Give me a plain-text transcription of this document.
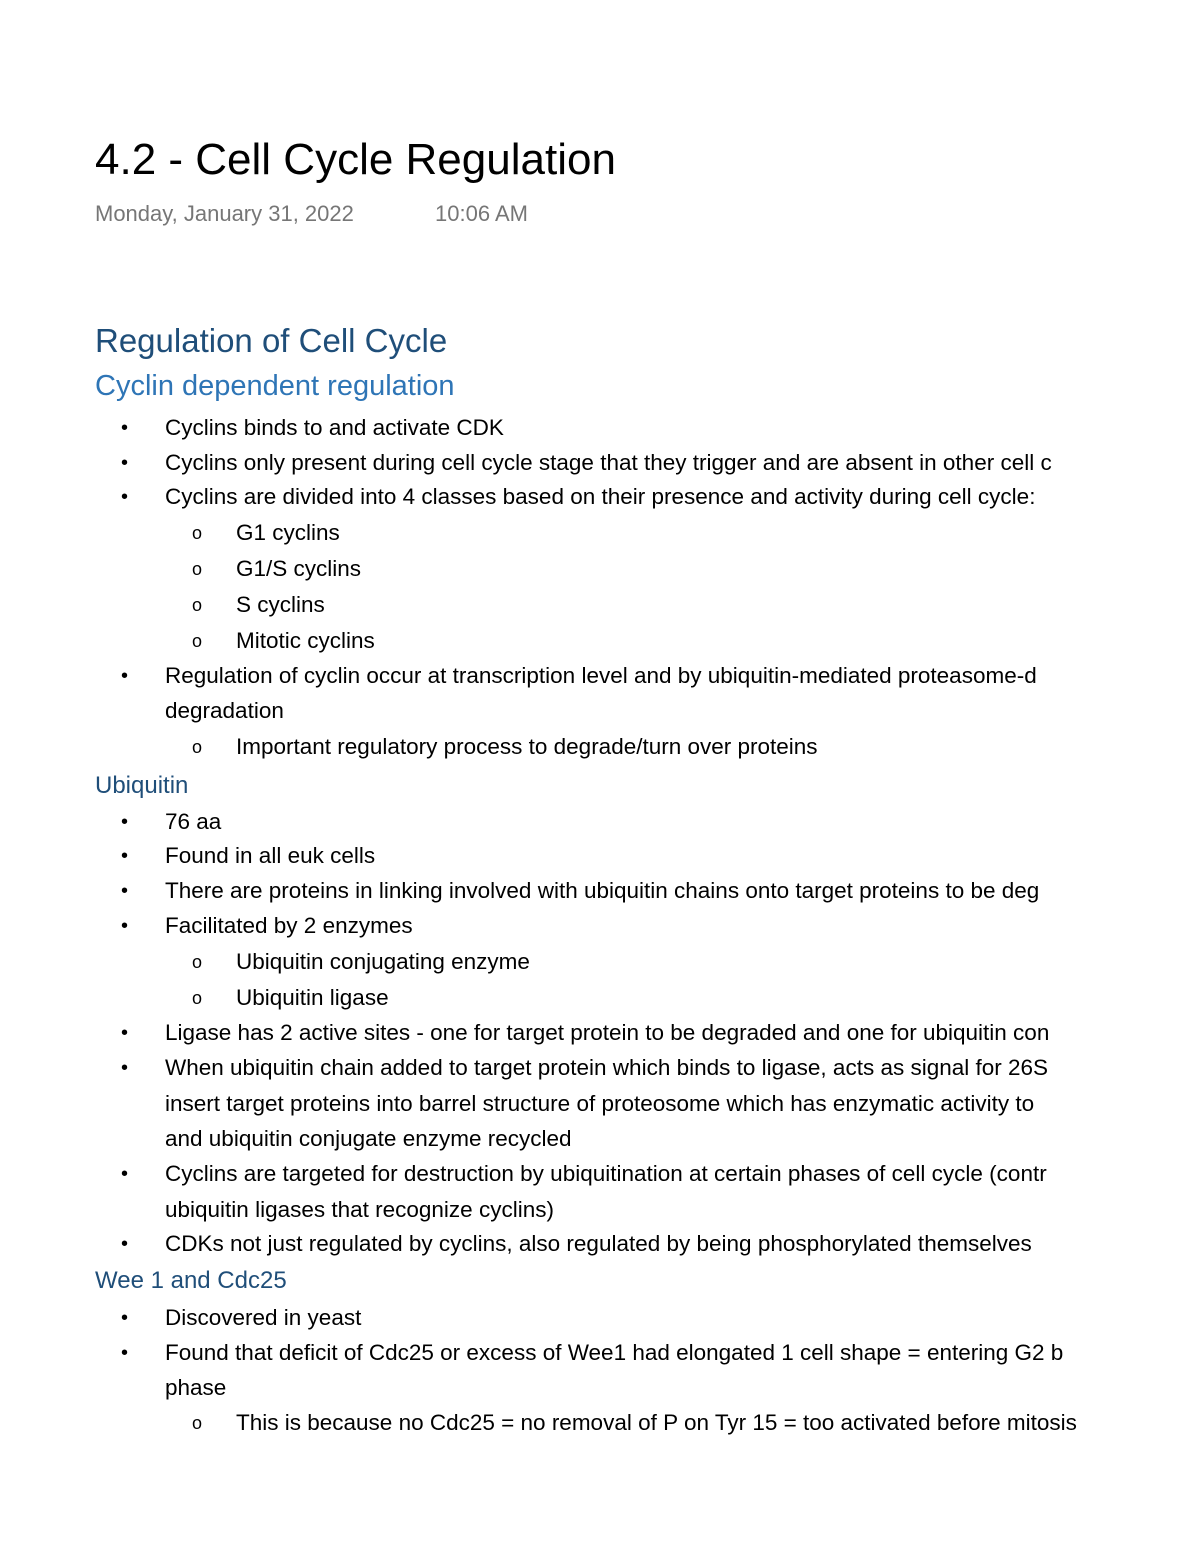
4.2 - Cell Cycle Regulation
Monday, January 31, 2022	10:06 AM
Regulation of Cell Cycle
Cyclin dependent regulation
• Cyclins binds to and activate CDK
• Cyclins only present during cell cycle stage that they trigger and are absent in other cell c
• Cyclins are divided into 4 classes based on their presence and activity during cell cycle:
o G1 cyclins
o G1/S cyclins
o S cyclins
o Mitotic cyclins
• Regulation of cyclin occur at transcription level and by ubiquitin-mediated proteasome-d
degradation
o Important regulatory process to degrade/turn over proteins
Ubiquitin
• 76 aa
• Found in all euk cells
• There are proteins in linking involved with ubiquitin chains onto target proteins to be deg
• Facilitated by 2 enzymes
o Ubiquitin conjugating enzyme
o Ubiquitin ligase
• Ligase has 2 active sites - one for target protein to be degraded and one for ubiquitin con
• When ubiquitin chain added to target protein which binds to ligase, acts as signal for 26S
insert target proteins into barrel structure of proteosome which has enzymatic activity to
and ubiquitin conjugate enzyme recycled
• Cyclins are targeted for destruction by ubiquitination at certain phases of cell cycle (contr
ubiquitin ligases that recognize cyclins)
• CDKs not just regulated by cyclins, also regulated by being phosphorylated themselves
Wee 1 and Cdc25
• Discovered in yeast
• Found that deficit of Cdc25 or excess of Wee1 had elongated 1 cell shape = entering G2 b
phase
o This is because no Cdc25 = no removal of P on Tyr 15 = too activated before mitosis
